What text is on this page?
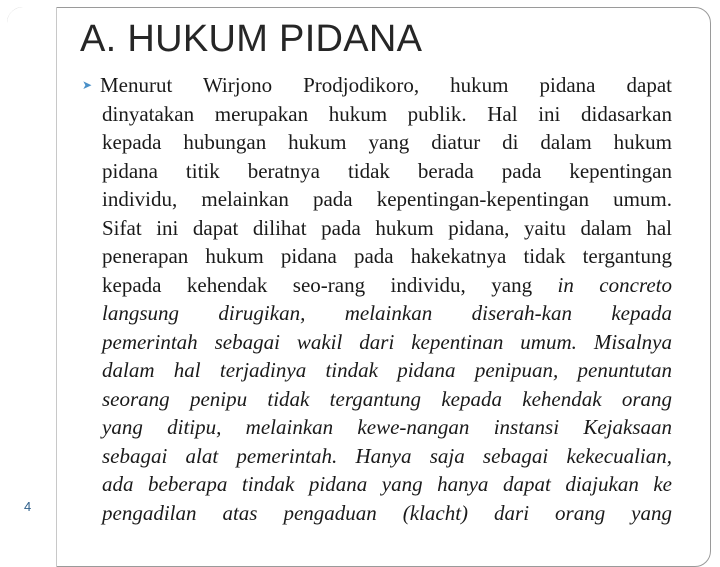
A. HUKUM PIDANA
➤ Menurut Wirjono Prodjodikoro, hukum pidana dapat
dinyatakan merupakan hukum publik. Hal ini didasarkan
kepada hubungan hukum yang diatur di dalam hukum
pidana titik beratnya tidak berada pada kepentingan
individu, melainkan pada kepentingan-kepentingan umum.
Sifat ini dapat dilihat pada hukum pidana, yaitu dalam hal
penerapan hukum pidana pada hakekatnya tidak tergantung
kepada kehendak seo-rang individu, yang in concreto
langsung dirugikan, melainkan diserah-kan kepada
pemerintah sebagai wakil dari kepentinan umum. Misalnya
dalam hal terjadinya tindak pidana penipuan, penuntutan
seorang penipu tidak tergantung kepada kehendak orang
yang ditipu, melainkan kewe-nangan instansi Kejaksaan
sebagai alat pemerintah. Hanya saja sebagai kekecualian,
ada beberapa tindak pidana yang hanya dapat diajukan ke
pengadilan atas pengaduan (klacht) dari orang yang
4
